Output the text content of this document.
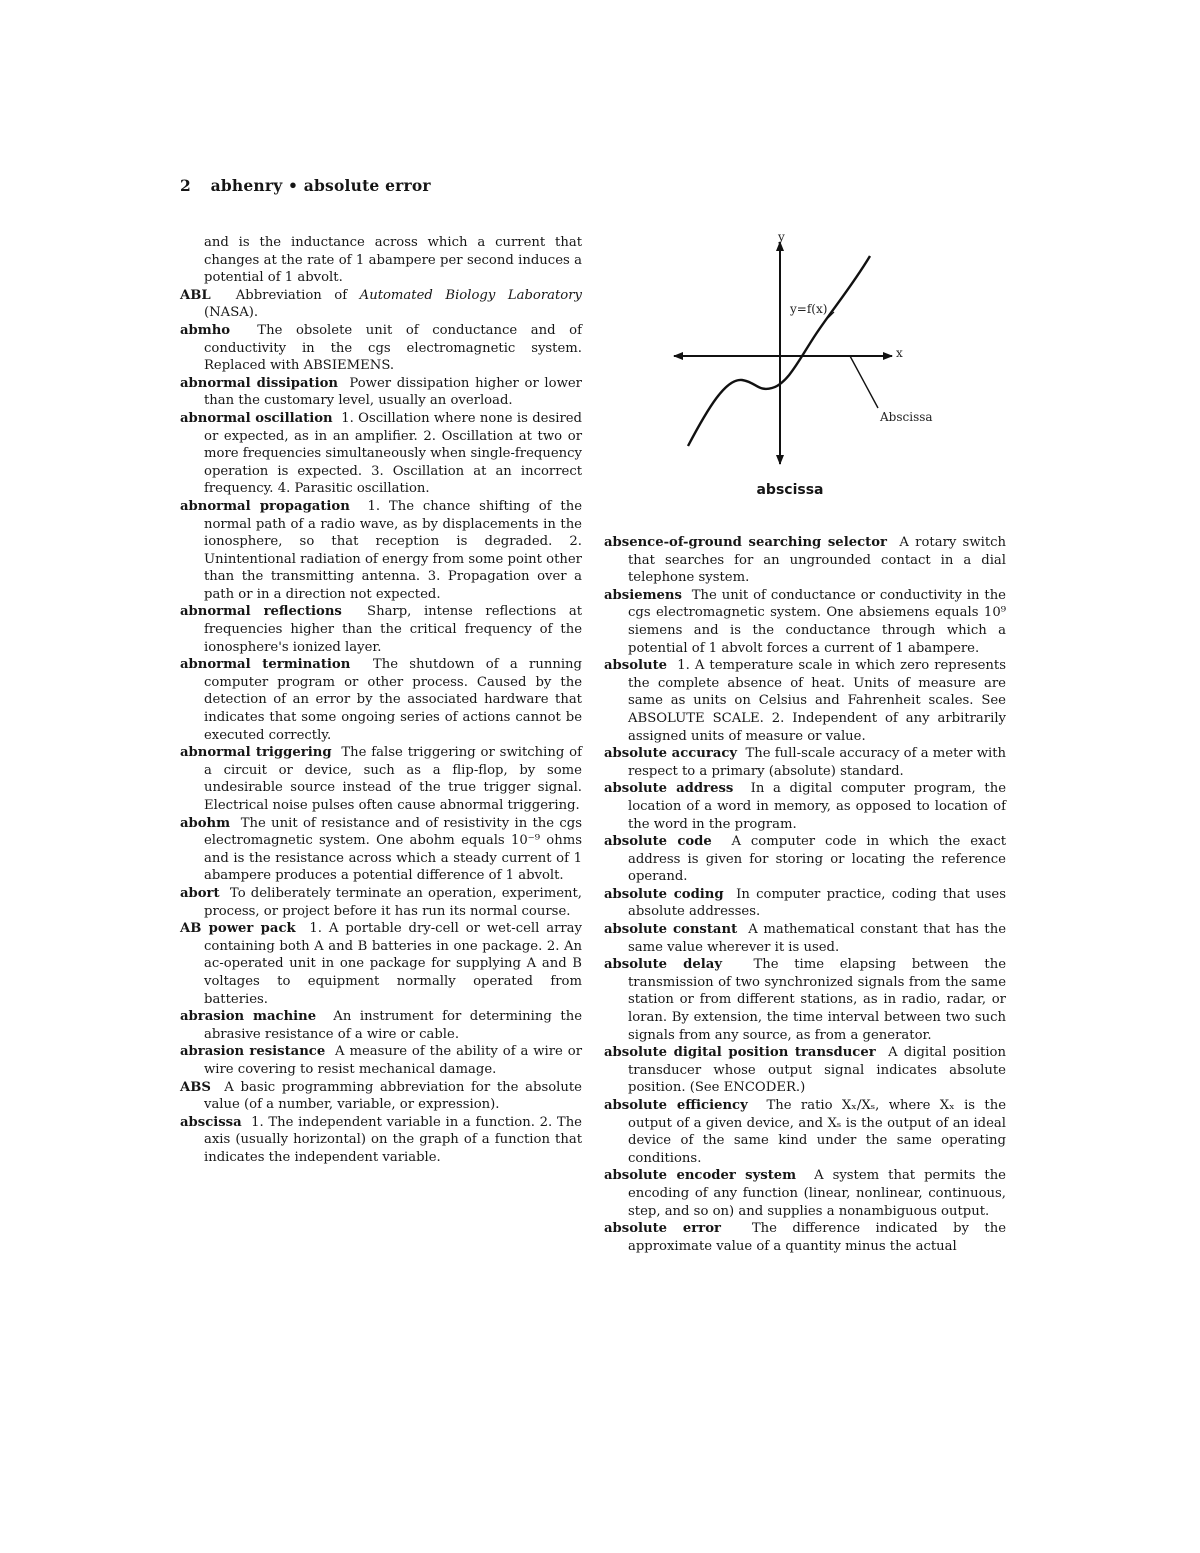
2 abhenry • absolute error

and is the inductance across which a current that changes at the rate of 1 abampere per second induces a potential of 1 abvolt.

ABL Abbreviation of Automated Biology Laboratory (NASA).

abmho The obsolete unit of conductance and of conductivity in the cgs electromagnetic system. Replaced with ABSIEMENS.

abnormal dissipation Power dissipation higher or lower than the customary level, usually an overload.

abnormal oscillation 1. Oscillation where none is desired or expected, as in an amplifier. 2. Oscillation at two or more frequencies simultaneously when single-frequency operation is expected. 3. Oscillation at an incorrect frequency. 4. Parasitic oscillation.

abnormal propagation 1. The chance shifting of the normal path of a radio wave, as by displacements in the ionosphere, so that reception is degraded. 2. Unintentional radiation of energy from some point other than the transmitting antenna. 3. Propagation over a path or in a direction not expected.

abnormal reflections Sharp, intense reflections at frequencies higher than the critical frequency of the ionosphere's ionized layer.

abnormal termination The shutdown of a running computer program or other process. Caused by the detection of an error by the associated hardware that indicates that some ongoing series of actions cannot be executed correctly.

abnormal triggering The false triggering or switching of a circuit or device, such as a flip-flop, by some undesirable source instead of the true trigger signal. Electrical noise pulses often cause abnormal triggering.

abohm The unit of resistance and of resistivity in the cgs electromagnetic system. One abohm equals 10⁻⁹ ohms and is the resistance across which a steady current of 1 abampere produces a potential difference of 1 abvolt.

abort To deliberately terminate an operation, experiment, process, or project before it has run its normal course.

AB power pack 1. A portable dry-cell or wet-cell array containing both A and B batteries in one package. 2. An ac-operated unit in one package for supplying A and B voltages to equipment normally operated from batteries.

abrasion machine An instrument for determining the abrasive resistance of a wire or cable.

abrasion resistance A measure of the ability of a wire or wire covering to resist mechanical damage.

ABS A basic programming abbreviation for the absolute value (of a number, variable, or expression).

abscissa 1. The independent variable in a function. 2. The axis (usually horizontal) on the graph of a function that indicates the independent variable.

y
x
y=f(x)
Abscissa
abscissa

absence-of-ground searching selector A rotary switch that searches for an ungrounded contact in a dial telephone system.

absiemens The unit of conductance or conductivity in the cgs electromagnetic system. One absiemens equals 10⁹ siemens and is the conductance through which a potential of 1 abvolt forces a current of 1 abampere.

absolute 1. A temperature scale in which zero represents the complete absence of heat. Units of measure are same as units on Celsius and Fahrenheit scales. See ABSOLUTE SCALE. 2. Independent of any arbitrarily assigned units of measure or value.

absolute accuracy The full-scale accuracy of a meter with respect to a primary (absolute) standard.

absolute address In a digital computer program, the location of a word in memory, as opposed to location of the word in the program.

absolute code A computer code in which the exact address is given for storing or locating the reference operand.

absolute coding In computer practice, coding that uses absolute addresses.

absolute constant A mathematical constant that has the same value wherever it is used.

absolute delay The time elapsing between the transmission of two synchronized signals from the same station or from different stations, as in radio, radar, or loran. By extension, the time interval between two such signals from any source, as from a generator.

absolute digital position transducer A digital position transducer whose output signal indicates absolute position. (See ENCODER.)

absolute efficiency The ratio Xₓ/Xₛ, where Xₓ is the output of a given device, and Xₛ is the output of an ideal device of the same kind under the same operating conditions.

absolute encoder system A system that permits the encoding of any function (linear, nonlinear, continuous, step, and so on) and supplies a nonambiguous output.

absolute error The difference indicated by the approximate value of a quantity minus the actual
